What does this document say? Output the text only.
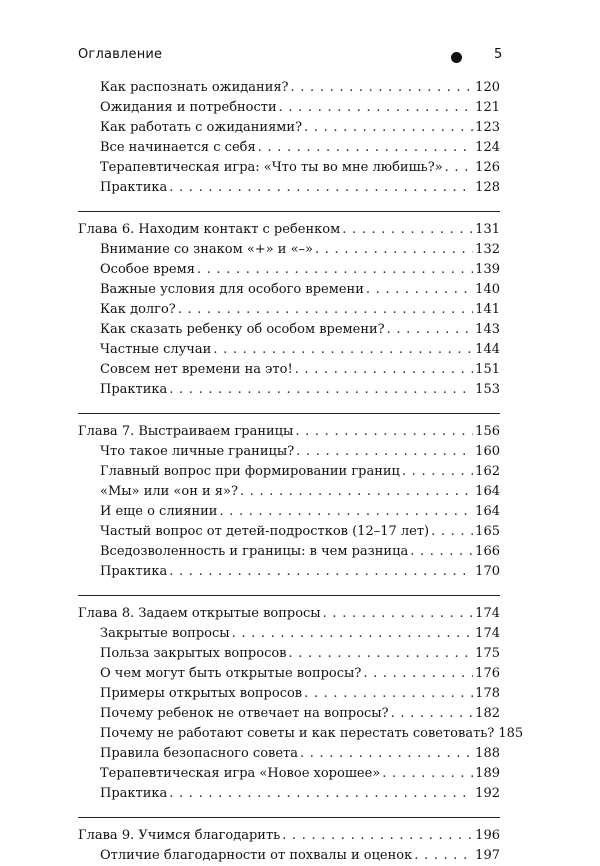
Оглавление	5
Как распознать ожидания? . . .	120
Ожидания и потребности . . .	121
Как работать с ожиданиями? . . .	123
Все начинается с себя . . .	124
Терапевтическая игра: «Что ты во мне любишь?» . . .	126
Практика . . .	128
Глава 6. Находим контакт с ребенком . . .	131
Внимание со знаком «+» и «–» . . .	132
Особое время . . .	139
Важные условия для особого времени . . .	140
Как долго? . . .	141
Как сказать ребенку об особом времени? . . .	143
Частные случаи . . .	144
Совсем нет времени на это! . . .	151
Практика . . .	153
Глава 7. Выстраиваем границы . . .	156
Что такое личные границы? . . .	160
Главный вопрос при формировании границ . . .	162
«Мы» или «он и я»? . . .	164
И еще о слиянии . . .	164
Частый вопрос от детей-подростков (12–17 лет) . . .	165
Вседозволенность и границы: в чем разница . . .	166
Практика . . .	170
Глава 8. Задаем открытые вопросы . . .	174
Закрытые вопросы . . .	174
Польза закрытых вопросов . . .	175
О чем могут быть открытые вопросы? . . .	176
Примеры открытых вопросов . . .	178
Почему ребенок не отвечает на вопросы? . . .	182
Почему не работают советы и как перестать советовать? 185
Правила безопасного совета . . .	188
Терапевтическая игра «Новое хорошее» . . .	189
Практика . . .	192
Глава 9. Учимся благодарить . . .	196
Отличие благодарности от похвалы и оценок . . .	197
